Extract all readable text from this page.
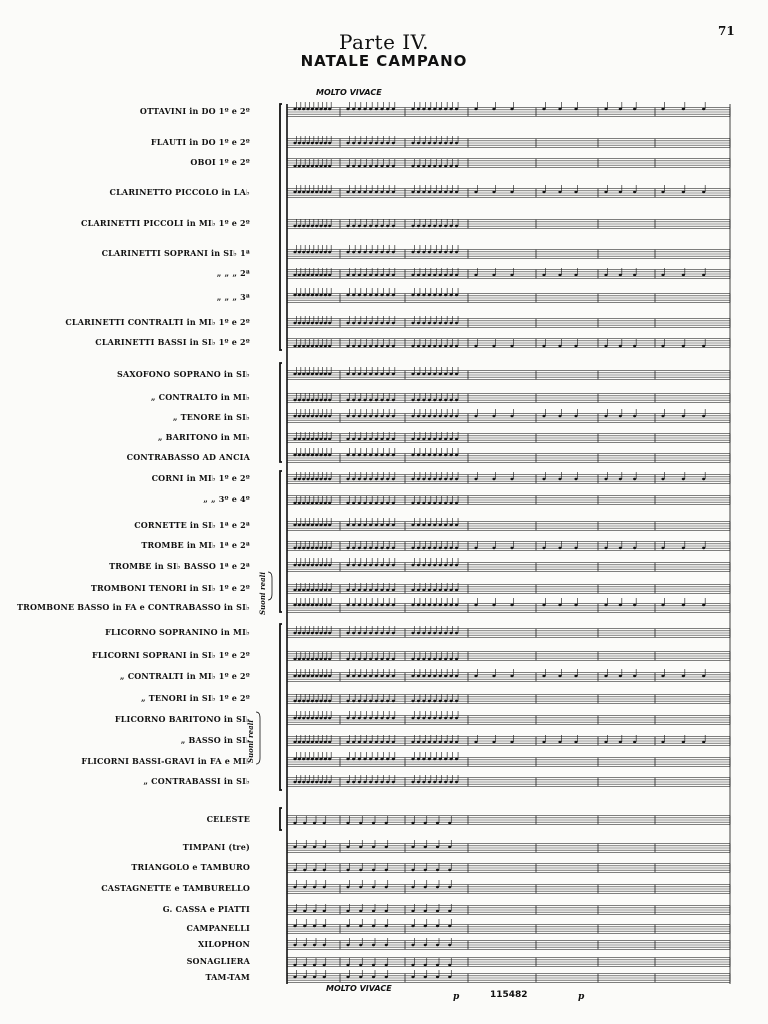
71
Parte IV.
NATALE CAMPANO
MOLTO VIVACE
OTTAVINI in DO 1º e 2º
FLAUTI in DO 1º e 2º
OBOI 1º e 2º
CLARINETTO PICCOLO in LA♭
CLARINETTI PICCOLI in MI♭ 1º e 2º
CLARINETTI SOPRANI in SI♭ 1ª
„ „ „ 2ª
„ „ „ 3ª
CLARINETTI CONTRALTI in MI♭ 1º e 2º
CLARINETTI BASSI in SI♭ 1º e 2º
SAXOFONO SOPRANO in SI♭
„ CONTRALTO in MI♭
„ TENORE in SI♭
„ BARITONO in MI♭
CONTRABASSO AD ANCIA
CORNI in MI♭ 1º e 2º
„ „ 3º e 4º
CORNETTE in SI♭ 1ª e 2ª
TROMBE in MI♭ 1ª e 2ª
TROMBE in SI♭ BASSO 1ª e 2ª
TROMBONI TENORI in SI♭ 1º e 2º
TROMBONE BASSO in FA e CONTRABASSO in SI♭
FLICORNO SOPRANINO in MI♭
FLICORNI SOPRANI in SI♭ 1º e 2º
„ CONTRALTI in MI♭ 1º e 2º
„ TENORI in SI♭ 1º e 2º
FLICORNO BARITONO in SI♭
„ BASSO in SI♭
FLICORNI BASSI-GRAVI in FA e MI♭
„ CONTRABASSI in SI♭
CELESTE
TIMPANI (tre)
TRIANGOLO e TAMBURO
CASTAGNETTE e TAMBURELLO
G. CASSA e PIATTI
CAMPANELLI
XILOPHON
SONAGLIERA
TAM-TAM
Suoni reali
Suoni reali
MOLTO VIVACE
p	115482	p
